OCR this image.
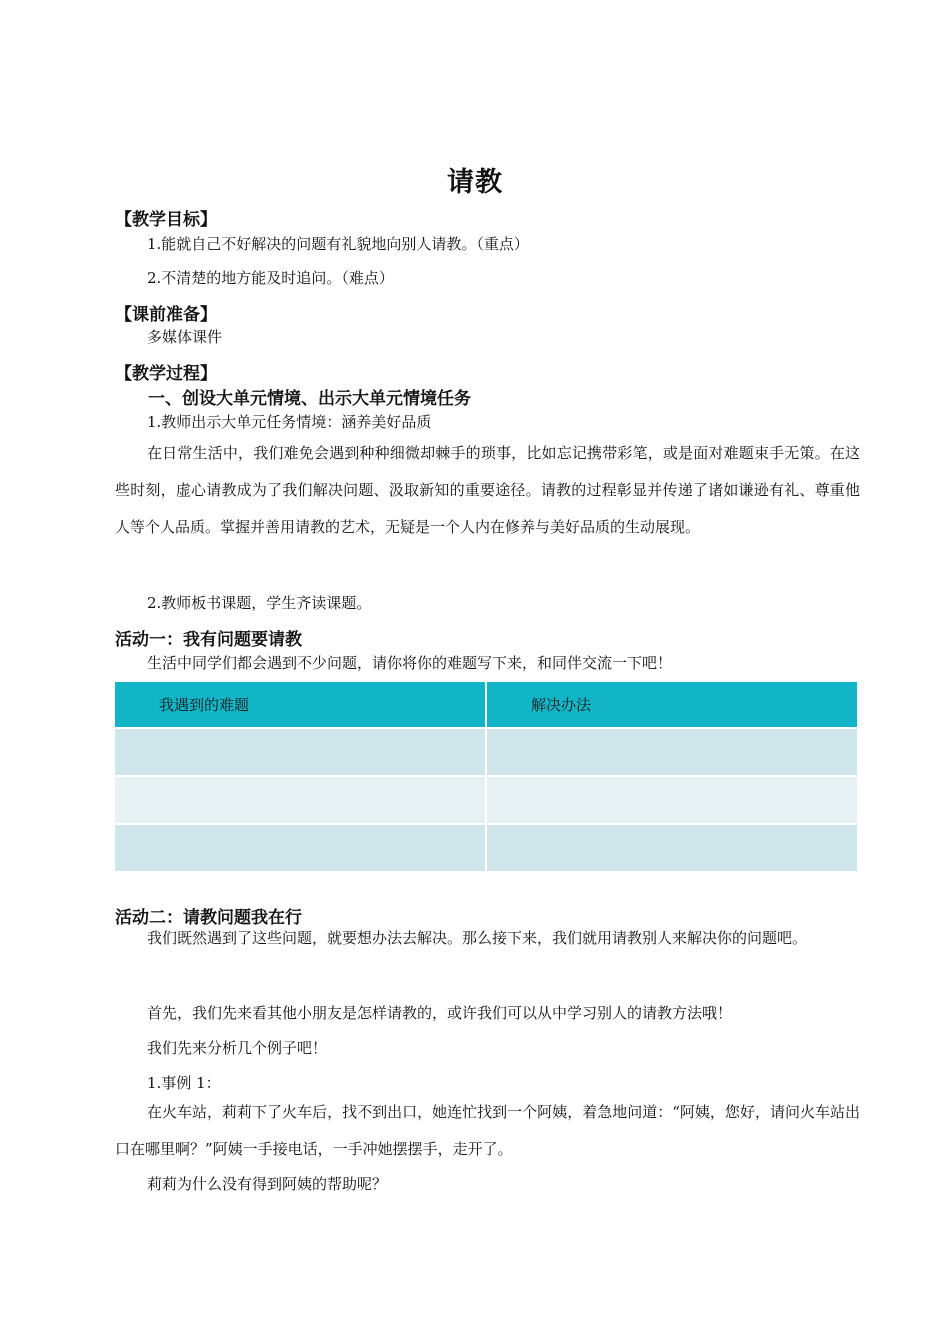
请教
【教学目标】
1.能就自己不好解决的问题有礼貌地向别人请教。（重点）
2.不清楚的地方能及时追问。（难点）
【课前准备】
多媒体课件
【教学过程】
一、创设大单元情境、出示大单元情境任务
1.教师出示大单元任务情境：涵养美好品质

在日常生活中，我们难免会遇到种种细微却棘手的琐事，比如忘记携带彩笔，或是面对难题束手无策。在这些时刻，虚心请教成为了我们解决问题、汲取新知的重要途径。请教的过程彰显并传递了诸如谦逊有礼、尊重他人等个人品质。掌握并善用请教的艺术，无疑是一个人内在修养与美好品质的生动展现。

2.教师板书课题，学生齐读课题。
活动一：我有问题要请教
生活中同学们都会遇到不少问题，请你将你的难题写下来，和同伴交流一下吧！
我遇到的难题	解决办法

活动二：请教问题我在行

我们既然遇到了这些问题，就要想办法去解决。那么接下来，我们就用请教别人来解决你的问题吧。

首先，我们先来看其他小朋友是怎样请教的，或许我们可以从中学习别人的请教方法哦！
我们先来分析几个例子吧！
1.事例 1：

在火车站，莉莉下了火车后，找不到出口，她连忙找到一个阿姨，着急地问道：“阿姨，您好，请问火车站出口在哪里啊？”阿姨一手接电话，一手冲她摆摆手，走开了。

莉莉为什么没有得到阿姨的帮助呢？
